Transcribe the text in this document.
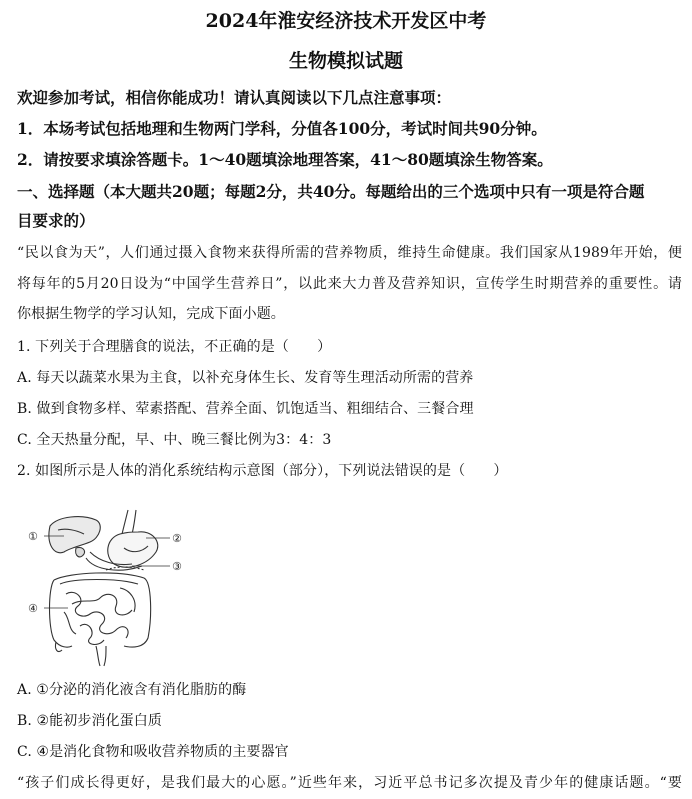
2024年淮安经济技术开发区中考
生物模拟试题
欢迎参加考试，相信你能成功！请认真阅读以下几点注意事项：
1．本场考试包括地理和生物两门学科，分值各100分，考试时间共90分钟。
2．请按要求填涂答题卡。1～40题填涂地理答案，41～80题填涂生物答案。
一、选择题（本大题共20题；每题2分，共40分。每题给出的三个选项中只有一项是符合题
目要求的）
“民以食为天”，人们通过摄入食物来获得所需的营养物质，维持生命健康。我们国家从1989年开始，便
将每年的5月20日设为“中国学生营养日”，以此来大力普及营养知识，宣传学生时期营养的重要性。请
你根据生物学的学习认知，完成下面小题。
1. 下列关于合理膳食的说法，不正确的是（　　）
A. 每天以蔬菜水果为主食，以补充身体生长、发育等生理活动所需的营养
B. 做到食物多样、荤素搭配、营养全面、饥饱适当、粗细结合、三餐合理
C. 全天热量分配，早、中、晚三餐比例为3：4：3
2. 如图所示是人体的消化系统结构示意图（部分），下列说法错误的是（　　）
①	②
③
④
A. ①分泌的消化液含有消化脂肪的酶
B. ②能初步消化蛋白质
C. ④是消化食物和吸收营养物质的主要器官
“孩子们成长得更好，是我们最大的心愿。”近些年来，习近平总书记多次提及青少年的健康话题。“要
